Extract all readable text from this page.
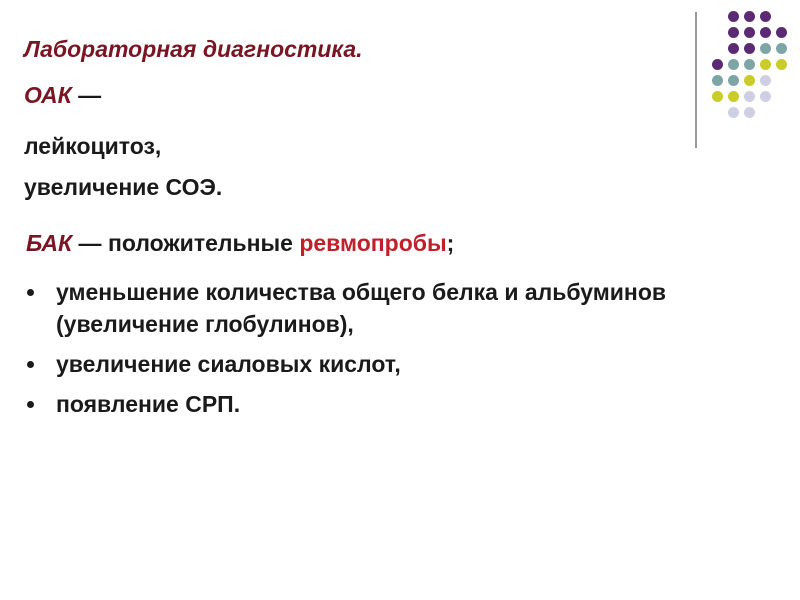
Лабораторная диагностика.
ОАК —
лейкоцитоз,
увеличение СОЭ.
БАК — положительные ревмопробы;
уменьшение количества общего белка и альбуминов (увеличение глобулинов),
увеличение сиаловых кислот,
появление СРП.
